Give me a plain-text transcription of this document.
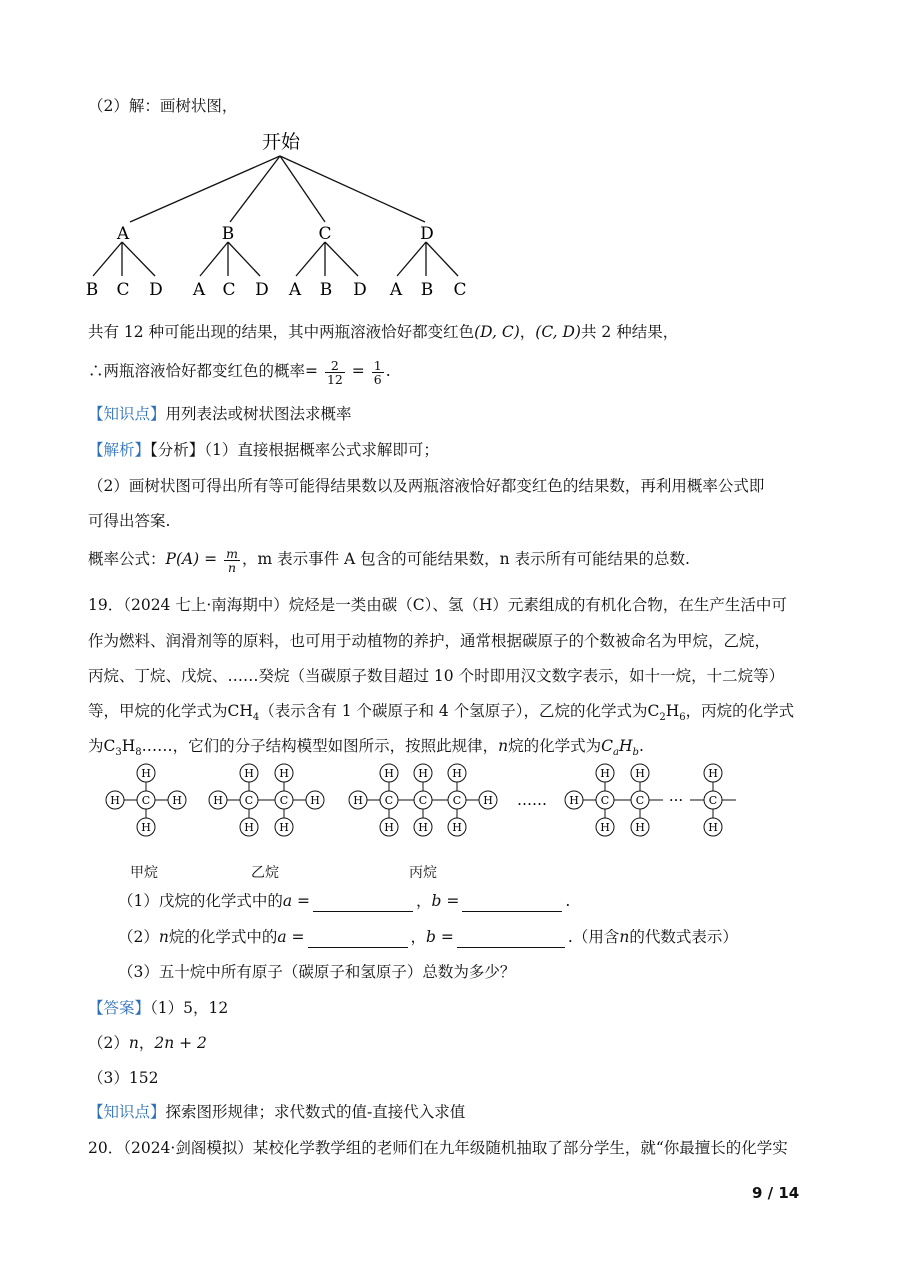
（2）解：画树状图，
开始
A	B	C	D
B C D A C D A B D A B C
共有 12 种可能出现的结果，其中两瓶溶液恰好都变红色(D, C)，(C, D)共 2 种结果，
∴两瓶溶液恰好都变红色的概率= $\frac{2}{12} = \frac{1}{6}$ .
【知识点】用列表法或树状图法求概率
【解析】【分析】（1）直接根据概率公式求解即可；
（2）画树状图可得出所有等可能得结果数以及两瓶溶液恰好都变红色的结果数，再利用概率公式即
可得出答案.
概率公式：$P(A) = \frac{m}{n}$ ，m 表示事件 A 包含的可能结果数，n 表示所有可能结果的总数.
19．（2024 七上·南海期中）烷烃是一类由碳（C）、氢（H）元素组成的有机化合物，在生产生活中可
作为燃料、润滑剂等的原料，也可用于动植物的养护，通常根据碳原子的个数被命名为甲烷，乙烷，
丙烷、丁烷、戊烷、……癸烷（当碳原子数目超过 10 个时即用汉文数字表示，如十一烷，十二烷等）
等，甲烷的化学式为$CH_4$（表示含有 1 个碳原子和 4 个氢原子），乙烷的化学式为$C_2H_6$，丙烷的化学式
为$C_3H_8\dots\dots$，它们的分子结构模型如图所示，按照此规律，n烷的化学式为$C_aH_b$.
H	H
H
H
C	H	H
H
H
C
H
H
C	H	H
H
H
C
H
H
C
H
H
C	…… H
H
H
C
H
H
C ···
H
H
C
甲烷	乙烷	丙烷
（1）戊烷的化学式中的a =	，b =	.
（2）n烷的化学式中的a =	，b =	.（用含n的代数式表示）
（3）五十烷中所有原子（碳原子和氢原子）总数为多少？
【答案】（1）5，12
（2）n，2n + 2
（3）152
【知识点】探索图形规律；求代数式的值-直接代入求值
20．（2024·剑阁模拟）某校化学教学组的老师们在九年级随机抽取了部分学生，就“你最擅长的化学实
9 / 14
